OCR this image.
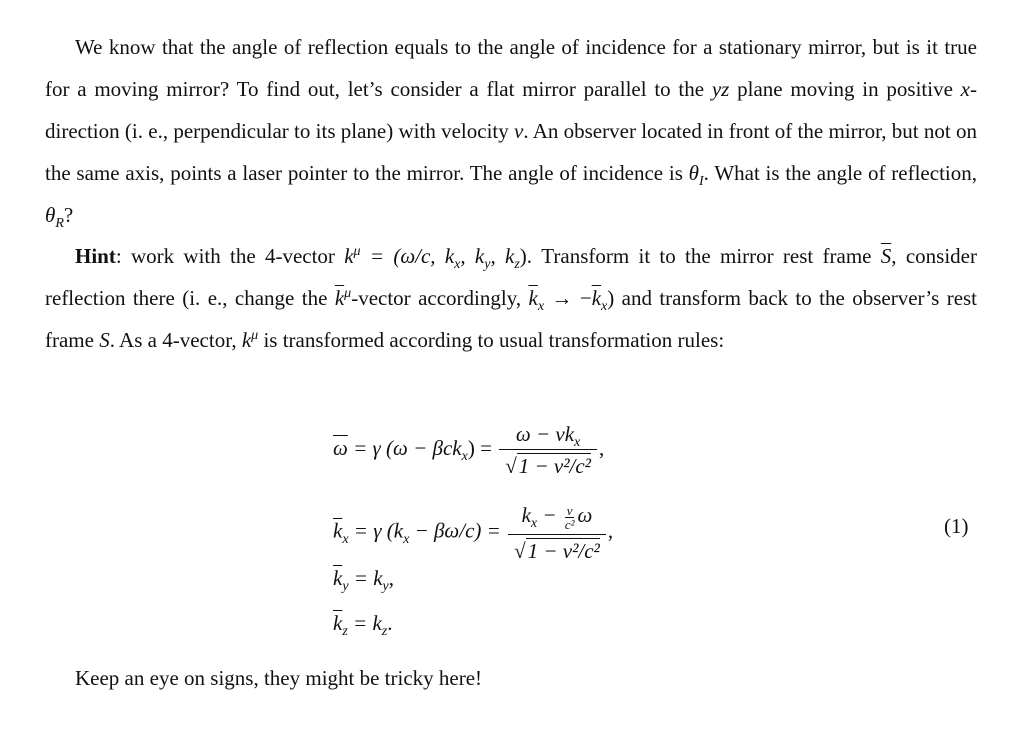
We know that the angle of reflection equals to the angle of incidence for a stationary mirror, but is it true for a moving mirror? To find out, let’s consider a flat mirror parallel to the yz plane moving in positive x-direction (i. e., perpendicular to its plane) with velocity v. An observer located in front of the mirror, but not on the same axis, points a laser pointer to the mirror. The angle of incidence is $\theta_I$. What is the angle of reflection, $\theta_R$?
Hint: work with the 4-vector $k^\mu = (\omega/c$, $k_x$, $k_y$, $k_z$). Transform it to the mirror rest frame $\overline{S}$, consider reflection there (i. e., change the $\overline{k}^\mu$-vector accordingly, $\overline{k}_x \to -\overline{k}_x$) and transform back to the observer’s rest frame S. As a 4-vector, $k^\mu$ is transformed according to usual transformation rules:
$\overline{\omega} = \gamma$ $(\omega - \beta ck_x) = \frac{\omega - vk_x}{\text{√1 − v²/c²}}$ ,
$\overline{k}_x = \gamma$ $(k_x - \beta\omega/c) = \frac{k_x - \frac{v}{\text{c²}} \omega}{\text{√1 − v²/c²}}$ ,	(1)
$\overline{k}_y = k_y$,
$\overline{k}_z = k_z$.
Keep an eye on signs, they might be tricky here!
